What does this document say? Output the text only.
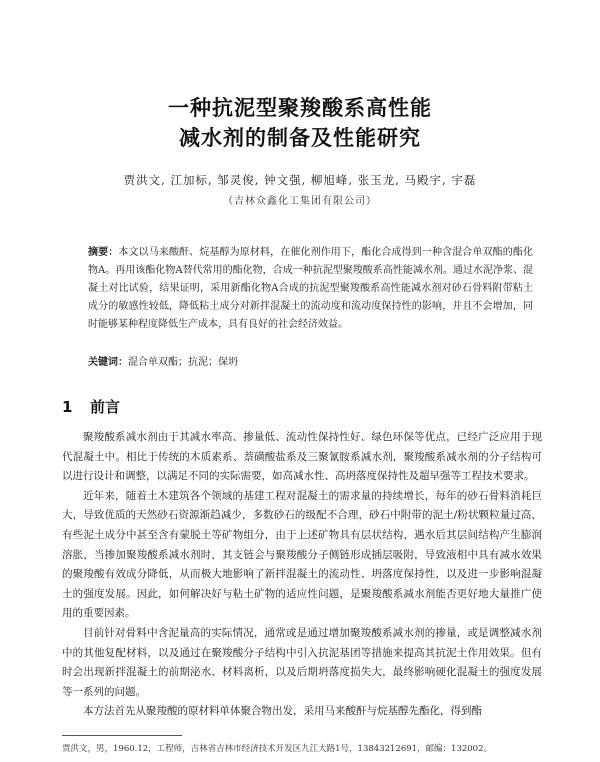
一种抗泥型聚羧酸系高性能
减水剂的制备及性能研究
贾洪文, 江加标, 邹灵俊, 钟文强, 柳旭峰, 张玉龙, 马殿宇, 宇磊
（吉林众鑫化工集团有限公司）
摘要：本文以马来酸酐、烷基醇为原材料，在催化剂作用下，酯化合成得到一种含混合单双酯的酯化物A。再用该酯化物A替代常用的酯化物，合成一种抗泥型聚羧酸系高性能减水剂。通过水泥净浆、混凝土对比试验，结果证明，采用新酯化物A合成的抗泥型聚羧酸系高性能减水剂对砂石骨料附带粘土成分的敏感性较低，降低粘土成分对新拌混凝土的流动度和流动度保持性的影响，并且不会增加，同时能够某种程度降低生产成本，具有良好的社会经济效益。
关键词：混合单双酯；抗泥；保坍
1 前言

聚羧酸系减水剂由于其减水率高、掺量低、流动性保持性好、绿色环保等优点，已经广泛应用于现代混凝土中。相比于传统的木质素系、萘磺酸盐系及三聚氰胺系减水剂，聚羧酸系减水剂的分子结构可以进行设计和调整，以满足不同的实际需要，如高减水性、高坍落度保持性及超早强等工程技术要求。

近年来，随着土木建筑各个领域的基建工程对混凝土的需求量的持续增长，每年的砂石骨料消耗巨大，导致优质的天然砂石资源渐趋减少，多数砂石的级配不合理，砂石中附带的泥土/粉状颗粒量过高，有些泥土成分中甚至含有蒙脱土等矿物组分，由于上述矿物具有层状结构，遇水后其层间结构产生膨润溶胀，当掺加聚羧酸系减水剂时，其支链会与聚羧酸分子侧链形成插层吸附，导致液相中具有减水效果的聚羧酸有效成分降低，从而极大地影响了新拌混凝土的流动性、坍落度保持性，以及进一步影响混凝土的强度发展。因此，如何解决好与粘土矿物的适应性问题，是聚羧酸系减水剂能否更好地大量推广使用的重要因素。

目前针对骨料中含泥量高的实际情况，通常或是通过增加聚羧酸系减水剂的掺量，或是调整减水剂中的其他复配材料，以及通过在聚羧酸分子结构中引入抗泥基团等措施来提高其抗泥土作用效果。但有时会出现新拌混凝土的前期泌水、材料离析，以及后期坍落度损失大，最终影响硬化混凝土的强度发展等一系列的问题。

本方法首先从聚羧酸的原材料单体聚合物出发，采用马来酸酐与烷基醇先酯化，得到酯

贾洪文，男，1960.12，工程师，吉林省吉林市经济技术开发区九江大路1号，13843212691，邮编：132002。
